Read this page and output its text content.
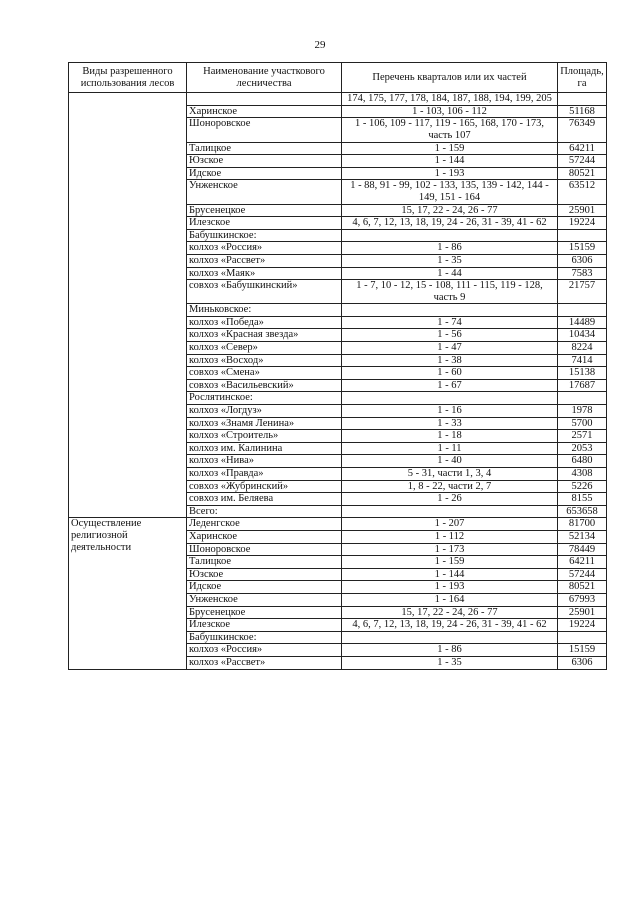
29
Виды разрешенного использования лесов	Наименование участкового лесничества	Перечень кварталов или их частей	Площадь, га
		174, 175, 177, 178, 184, 187, 188, 194, 199, 205	
	Харинское	1 - 103, 106 - 112	51168
	Шоноровское	1 - 106, 109 - 117, 119 - 165, 168, 170 - 173, часть 107	76349
	Талицкое	1 - 159	64211
	Юзское	1 - 144	57244
	Идское	1 - 193	80521
	Унженское	1 - 88, 91 - 99, 102 - 133, 135, 139 - 142, 144 - 149, 151 - 164	63512
	Брусенецкое	15, 17, 22 - 24, 26 - 77	25901
	Илезское	4, 6, 7, 12, 13, 18, 19, 24 - 26, 31 - 39, 41 - 62	19224
	Бабушкинское:		
	колхоз «Россия»	1 - 86	15159
	колхоз «Рассвет»	1 - 35	6306
	колхоз «Маяк»	1 - 44	7583
	совхоз «Бабушкинский»	1 - 7, 10 - 12, 15 - 108, 111 - 115, 119 - 128, часть 9	21757
	Миньковское:		
	колхоз «Победа»	1 - 74	14489
	колхоз «Красная звезда»	1 - 56	10434
	колхоз «Север»	1 - 47	8224
	колхоз «Восход»	1 - 38	7414
	совхоз «Смена»	1 - 60	15138
	совхоз «Васильевский»	1 - 67	17687
	Рослятинское:		
	колхоз «Логдуз»	1 - 16	1978
	колхоз «Знамя Ленина»	1 - 33	5700
	колхоз «Строитель»	1 - 18	2571
	колхоз им. Калинина	1 - 11	2053
	колхоз «Нива»	1 - 40	6480
	колхоз «Правда»	5 - 31, части 1, 3, 4	4308
	совхоз «Жубринский»	1, 8 - 22, части 2, 7	5226
	совхоз им. Беляева	1 - 26	8155
	Всего:		653658
Осуществление религиозной деятельности	Леденгское	1 - 207	81700
	Харинское	1 - 112	52134
	Шоноровское	1 - 173	78449
	Талицкое	1 - 159	64211
	Юзское	1 - 144	57244
	Идское	1 - 193	80521
	Унженское	1 - 164	67993
	Брусенецкое	15, 17, 22 - 24, 26 - 77	25901
	Илезское	4, 6, 7, 12, 13, 18, 19, 24 - 26, 31 - 39, 41 - 62	19224
	Бабушкинское:		
	колхоз «Россия»	1 - 86	15159
	колхоз «Рассвет»	1 - 35	6306
